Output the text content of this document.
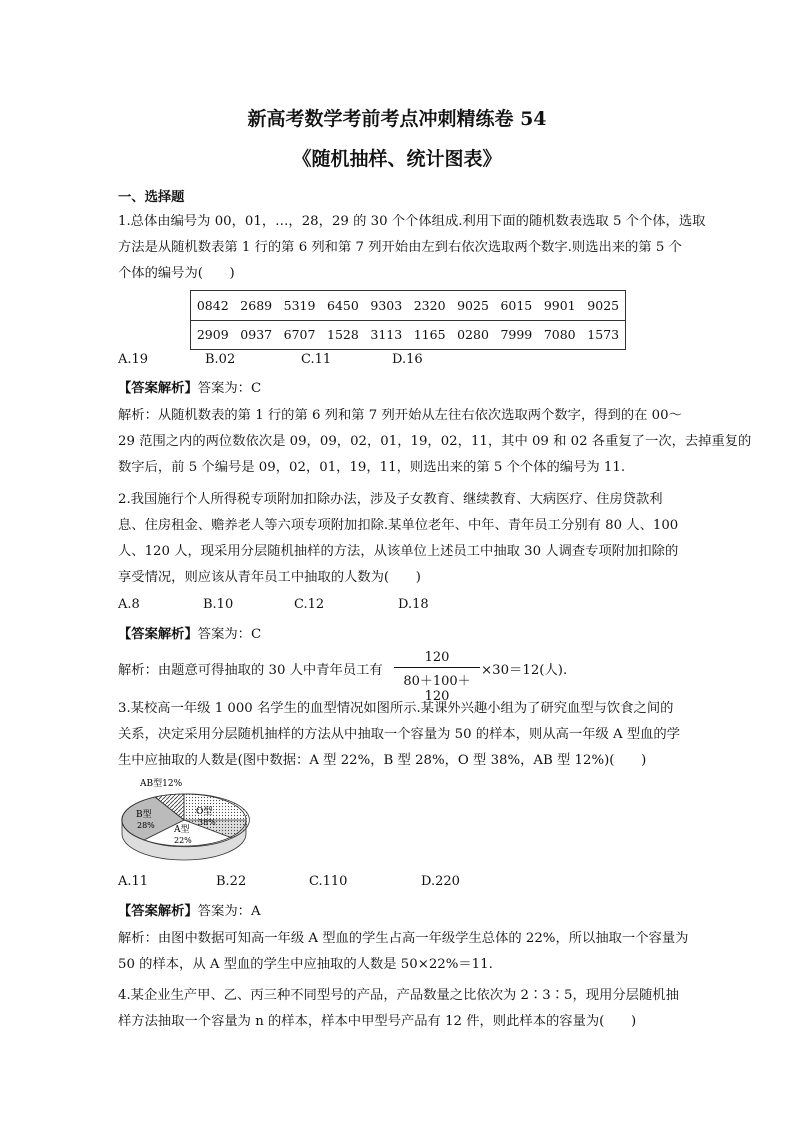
新高考数学考前考点冲刺精练卷 54
《随机抽样、统计图表》
一、选择题
1.总体由编号为 00，01，…，28，29 的 30 个个体组成.利用下面的随机数表选取 5 个个体，选取
方法是从随机数表第 1 行的第 6 列和第 7 列开始由左到右依次选取两个数字.则选出来的第 5 个
个体的编号为(　　)
0842	2689	5319	6450	9303	2320	9025	6015	9901	9025
2909	0937	6707	1528	3113	1165	0280	7999	7080	1573
A.19	B.02	C.11	D.16
【答案解析】答案为：C
解析：从随机数表的第 1 行的第 6 列和第 7 列开始从左往右依次选取两个数字，得到的在 00～
29 范围之内的两位数依次是 09，09，02，01，19，02，11，其中 09 和 02 各重复了一次，去掉重复的
数字后，前 5 个编号是 09，02，01，19，11，则选出来的第 5 个个体的编号为 11.
2.我国施行个人所得税专项附加扣除办法，涉及子女教育、继续教育、大病医疗、住房贷款利
息、住房租金、赡养老人等六项专项附加扣除.某单位老年、中年、青年员工分别有 80 人、100
人、120 人，现采用分层随机抽样的方法，从该单位上述员工中抽取 30 人调查专项附加扣除的
享受情况，则应该从青年员工中抽取的人数为(　　)
A.8	B.10	C.12	D.18
【答案解析】答案为：C
解析：由题意可得抽取的 30 人中青年员工有
120
80＋100＋120
×30＝12(人).
3.某校高一年级 1 000 名学生的血型情况如图所示.某课外兴趣小组为了研究血型与饮食之间的
关系，决定采用分层随机抽样的方法从中抽取一个容量为 50 的样本，则从高一年级 A 型血的学
生中应抽取的人数是(图中数据：A 型 22%，B 型 28%，O 型 38%，AB 型 12%)(　　)
AB型12%
O型
38%
B型
28% A型
22%
A.11	B.22	C.110	D.220
【答案解析】答案为：A
解析：由图中数据可知高一年级 A 型血的学生占高一年级学生总体的 22%，所以抽取一个容量为
50 的样本，从 A 型血的学生中应抽取的人数是 50×22%＝11.
4.某企业生产甲、乙、丙三种不同型号的产品，产品数量之比依次为 2∶3∶5，现用分层随机抽
样方法抽取一个容量为 n 的样本，样本中甲型号产品有 12 件，则此样本的容量为(　　)
